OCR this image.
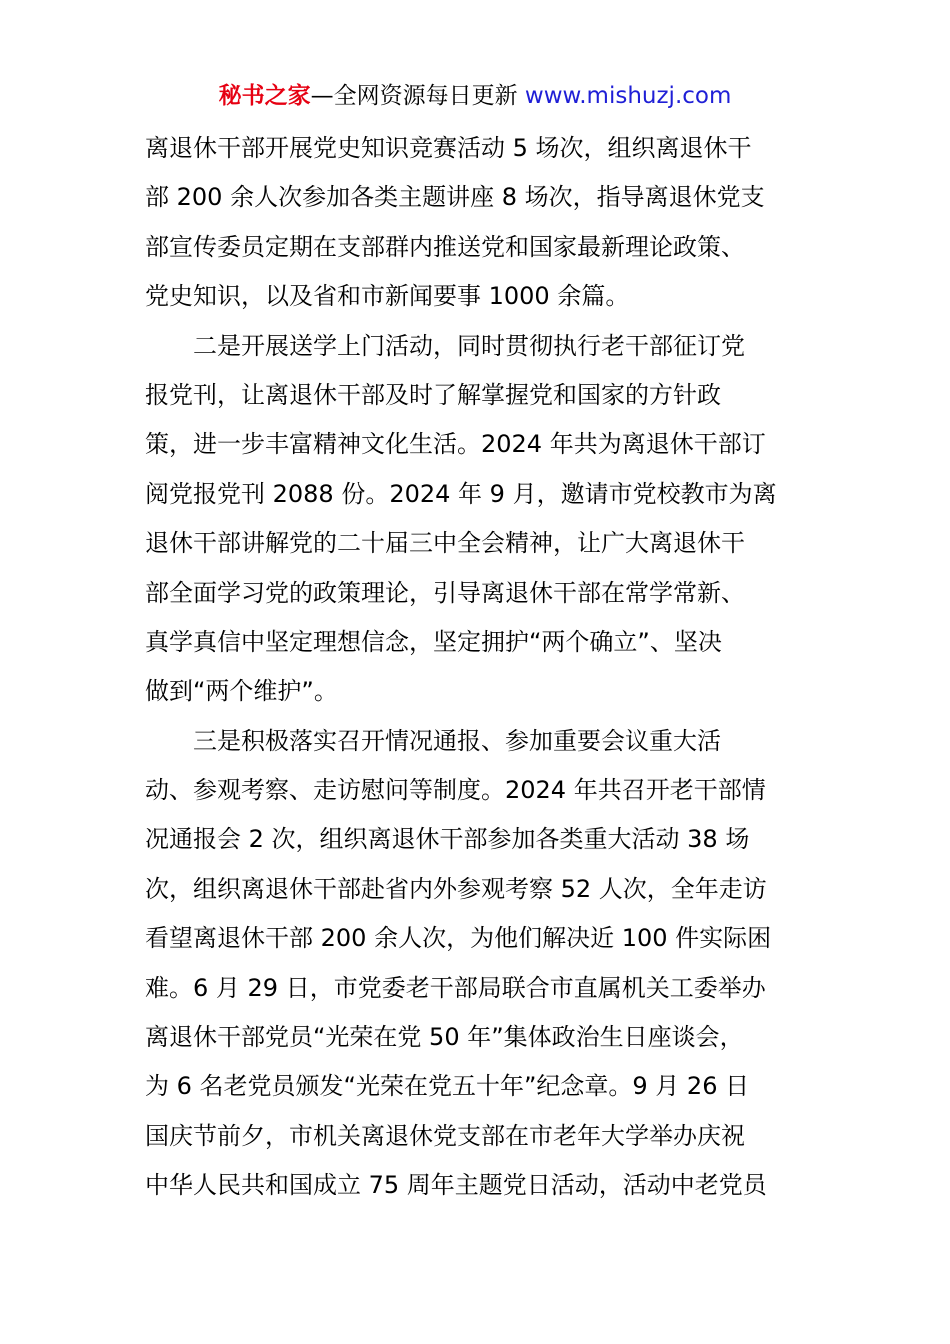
秘书之家—全网资源每日更新 www.mishuzj.com
离退休干部开展党史知识竞赛活动 5 场次，组织离退休干
部 200 余人次参加各类主题讲座 8 场次，指导离退休党支
部宣传委员定期在支部群内推送党和国家最新理论政策、
党史知识，以及省和市新闻要事 1000 余篇。
二是开展送学上门活动，同时贯彻执行老干部征订党
报党刊，让离退休干部及时了解掌握党和国家的方针政
策，进一步丰富精神文化生活。2024 年共为离退休干部订
阅党报党刊 2088 份。2024 年 9 月，邀请市党校教市为离
退休干部讲解党的二十届三中全会精神，让广大离退休干
部全面学习党的政策理论，引导离退休干部在常学常新、
真学真信中坚定理想信念，坚定拥护“两个确立”、坚决
做到“两个维护”。
三是积极落实召开情况通报、参加重要会议重大活
动、参观考察、走访慰问等制度。2024 年共召开老干部情
况通报会 2 次，组织离退休干部参加各类重大活动 38 场
次，组织离退休干部赴省内外参观考察 52 人次，全年走访
看望离退休干部 200 余人次，为他们解决近 100 件实际困
难。6 月 29 日，市党委老干部局联合市直属机关工委举办
离退休干部党员“光荣在党 50 年”集体政治生日座谈会，
为 6 名老党员颁发“光荣在党五十年”纪念章。9 月 26 日
国庆节前夕，市机关离退休党支部在市老年大学举办庆祝
中华人民共和国成立 75 周年主题党日活动，活动中老党员
